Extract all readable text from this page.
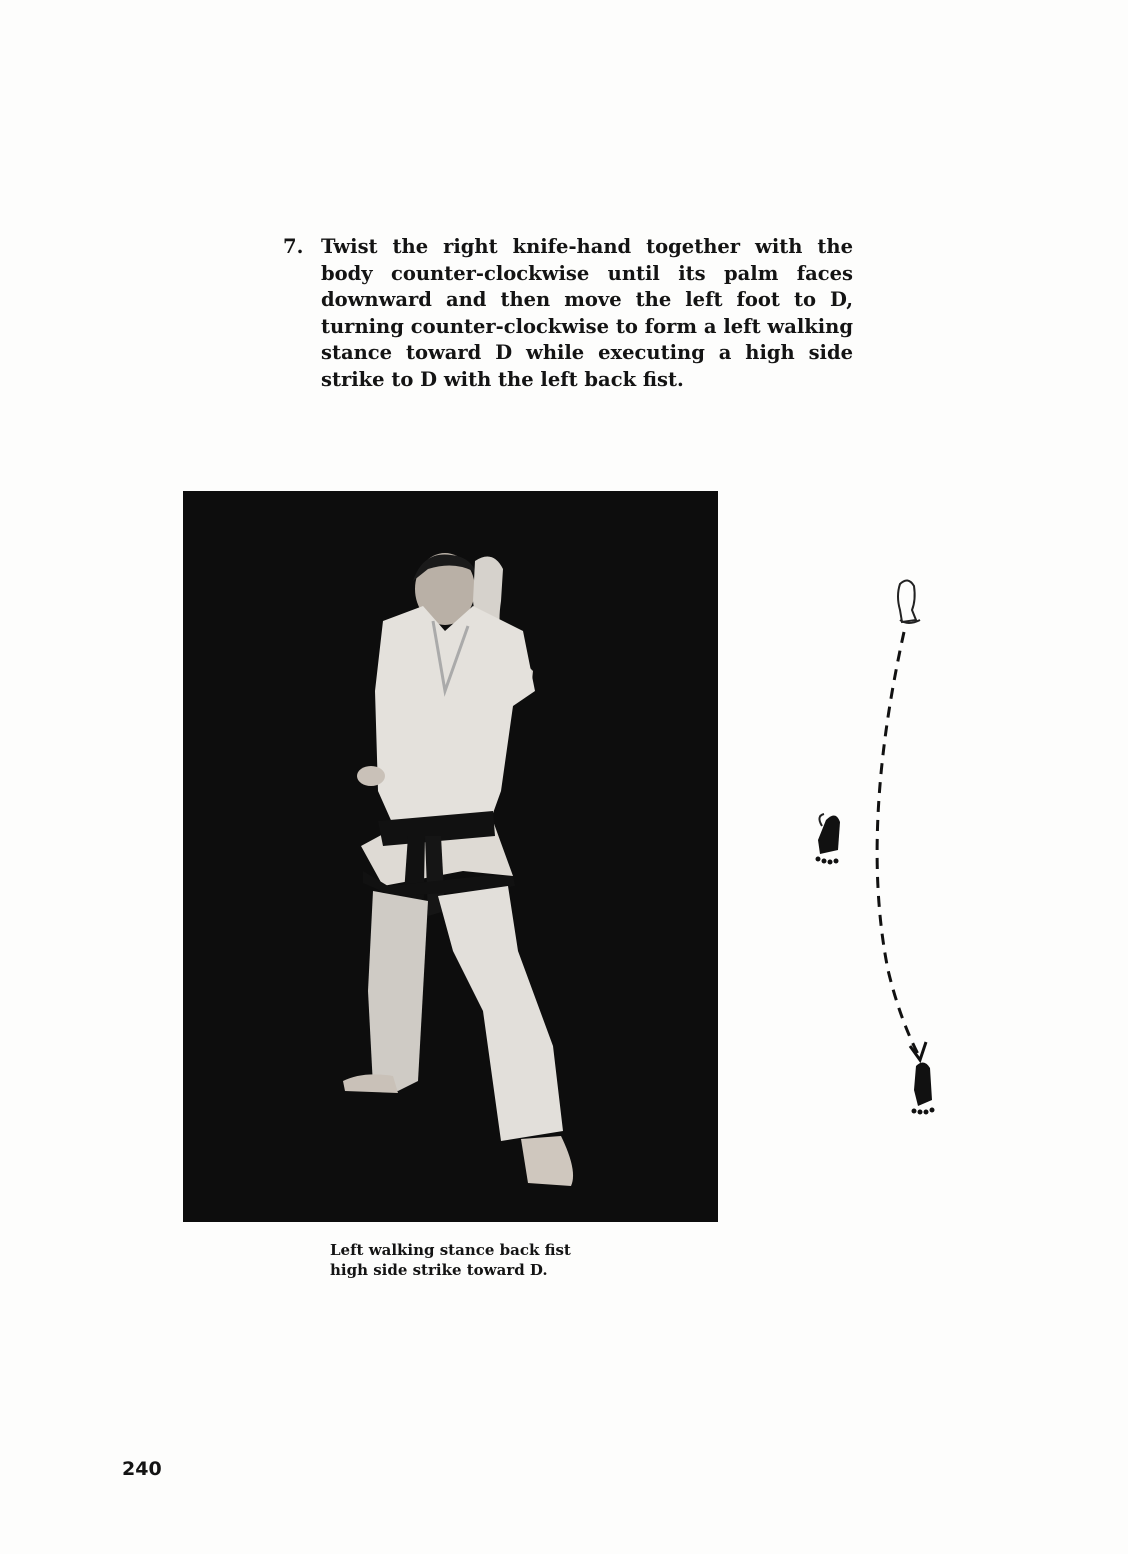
7. Twist the right knife-hand together with the body counter-clockwise until its palm faces downward and then move the left foot to D, turning counter-clockwise to form a left walking stance toward D while executing a high side strike to D with the left back fist.
Left walking stance back fist
high side strike toward D.
240
